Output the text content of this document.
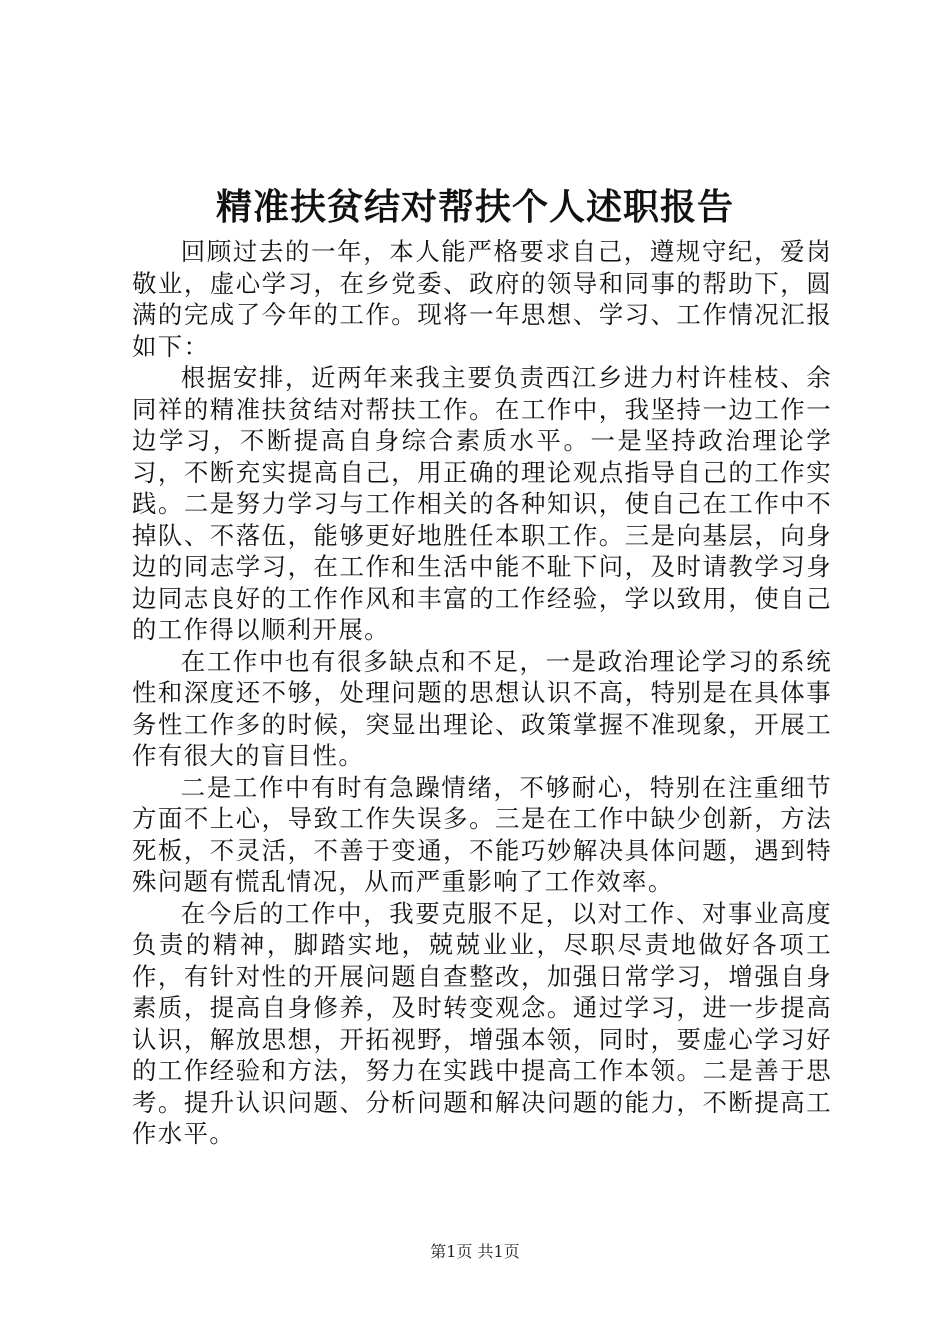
精准扶贫结对帮扶个人述职报告

回顾过去的一年，本人能严格要求自己，遵规守纪，爱岗敬业，虚心学习，在乡党委、政府的领导和同事的帮助下，圆满的完成了今年的工作。现将一年思想、学习、工作情况汇报如下：

根据安排，近两年来我主要负责西江乡进力村许桂枝、余同祥的精准扶贫结对帮扶工作。在工作中，我坚持一边工作一边学习，不断提高自身综合素质水平。一是坚持政治理论学习，不断充实提高自己，用正确的理论观点指导自己的工作实践。二是努力学习与工作相关的各种知识，使自己在工作中不掉队、不落伍，能够更好地胜任本职工作。三是向基层，向身边的同志学习，在工作和生活中能不耻下问，及时请教学习身边同志良好的工作作风和丰富的工作经验，学以致用，使自己的工作得以顺利开展。

在工作中也有很多缺点和不足，一是政治理论学习的系统性和深度还不够，处理问题的思想认识不高，特别是在具体事务性工作多的时候，突显出理论、政策掌握不准现象，开展工作有很大的盲目性。

二是工作中有时有急躁情绪，不够耐心，特别在注重细节方面不上心，导致工作失误多。三是在工作中缺少创新，方法死板，不灵活，不善于变通，不能巧妙解决具体问题，遇到特殊问题有慌乱情况，从而严重影响了工作效率。

在今后的工作中，我要克服不足，以对工作、对事业高度负责的精神，脚踏实地，兢兢业业，尽职尽责地做好各项工作，有针对性的开展问题自查整改，加强日常学习，增强自身素质，提高自身修养，及时转变观念。通过学习，进一步提高认识，解放思想，开拓视野，增强本领，同时，要虚心学习好的工作经验和方法，努力在实践中提高工作本领。二是善于思考。提升认识问题、分析问题和解决问题的能力，不断提高工作水平。

第1页 共1页
